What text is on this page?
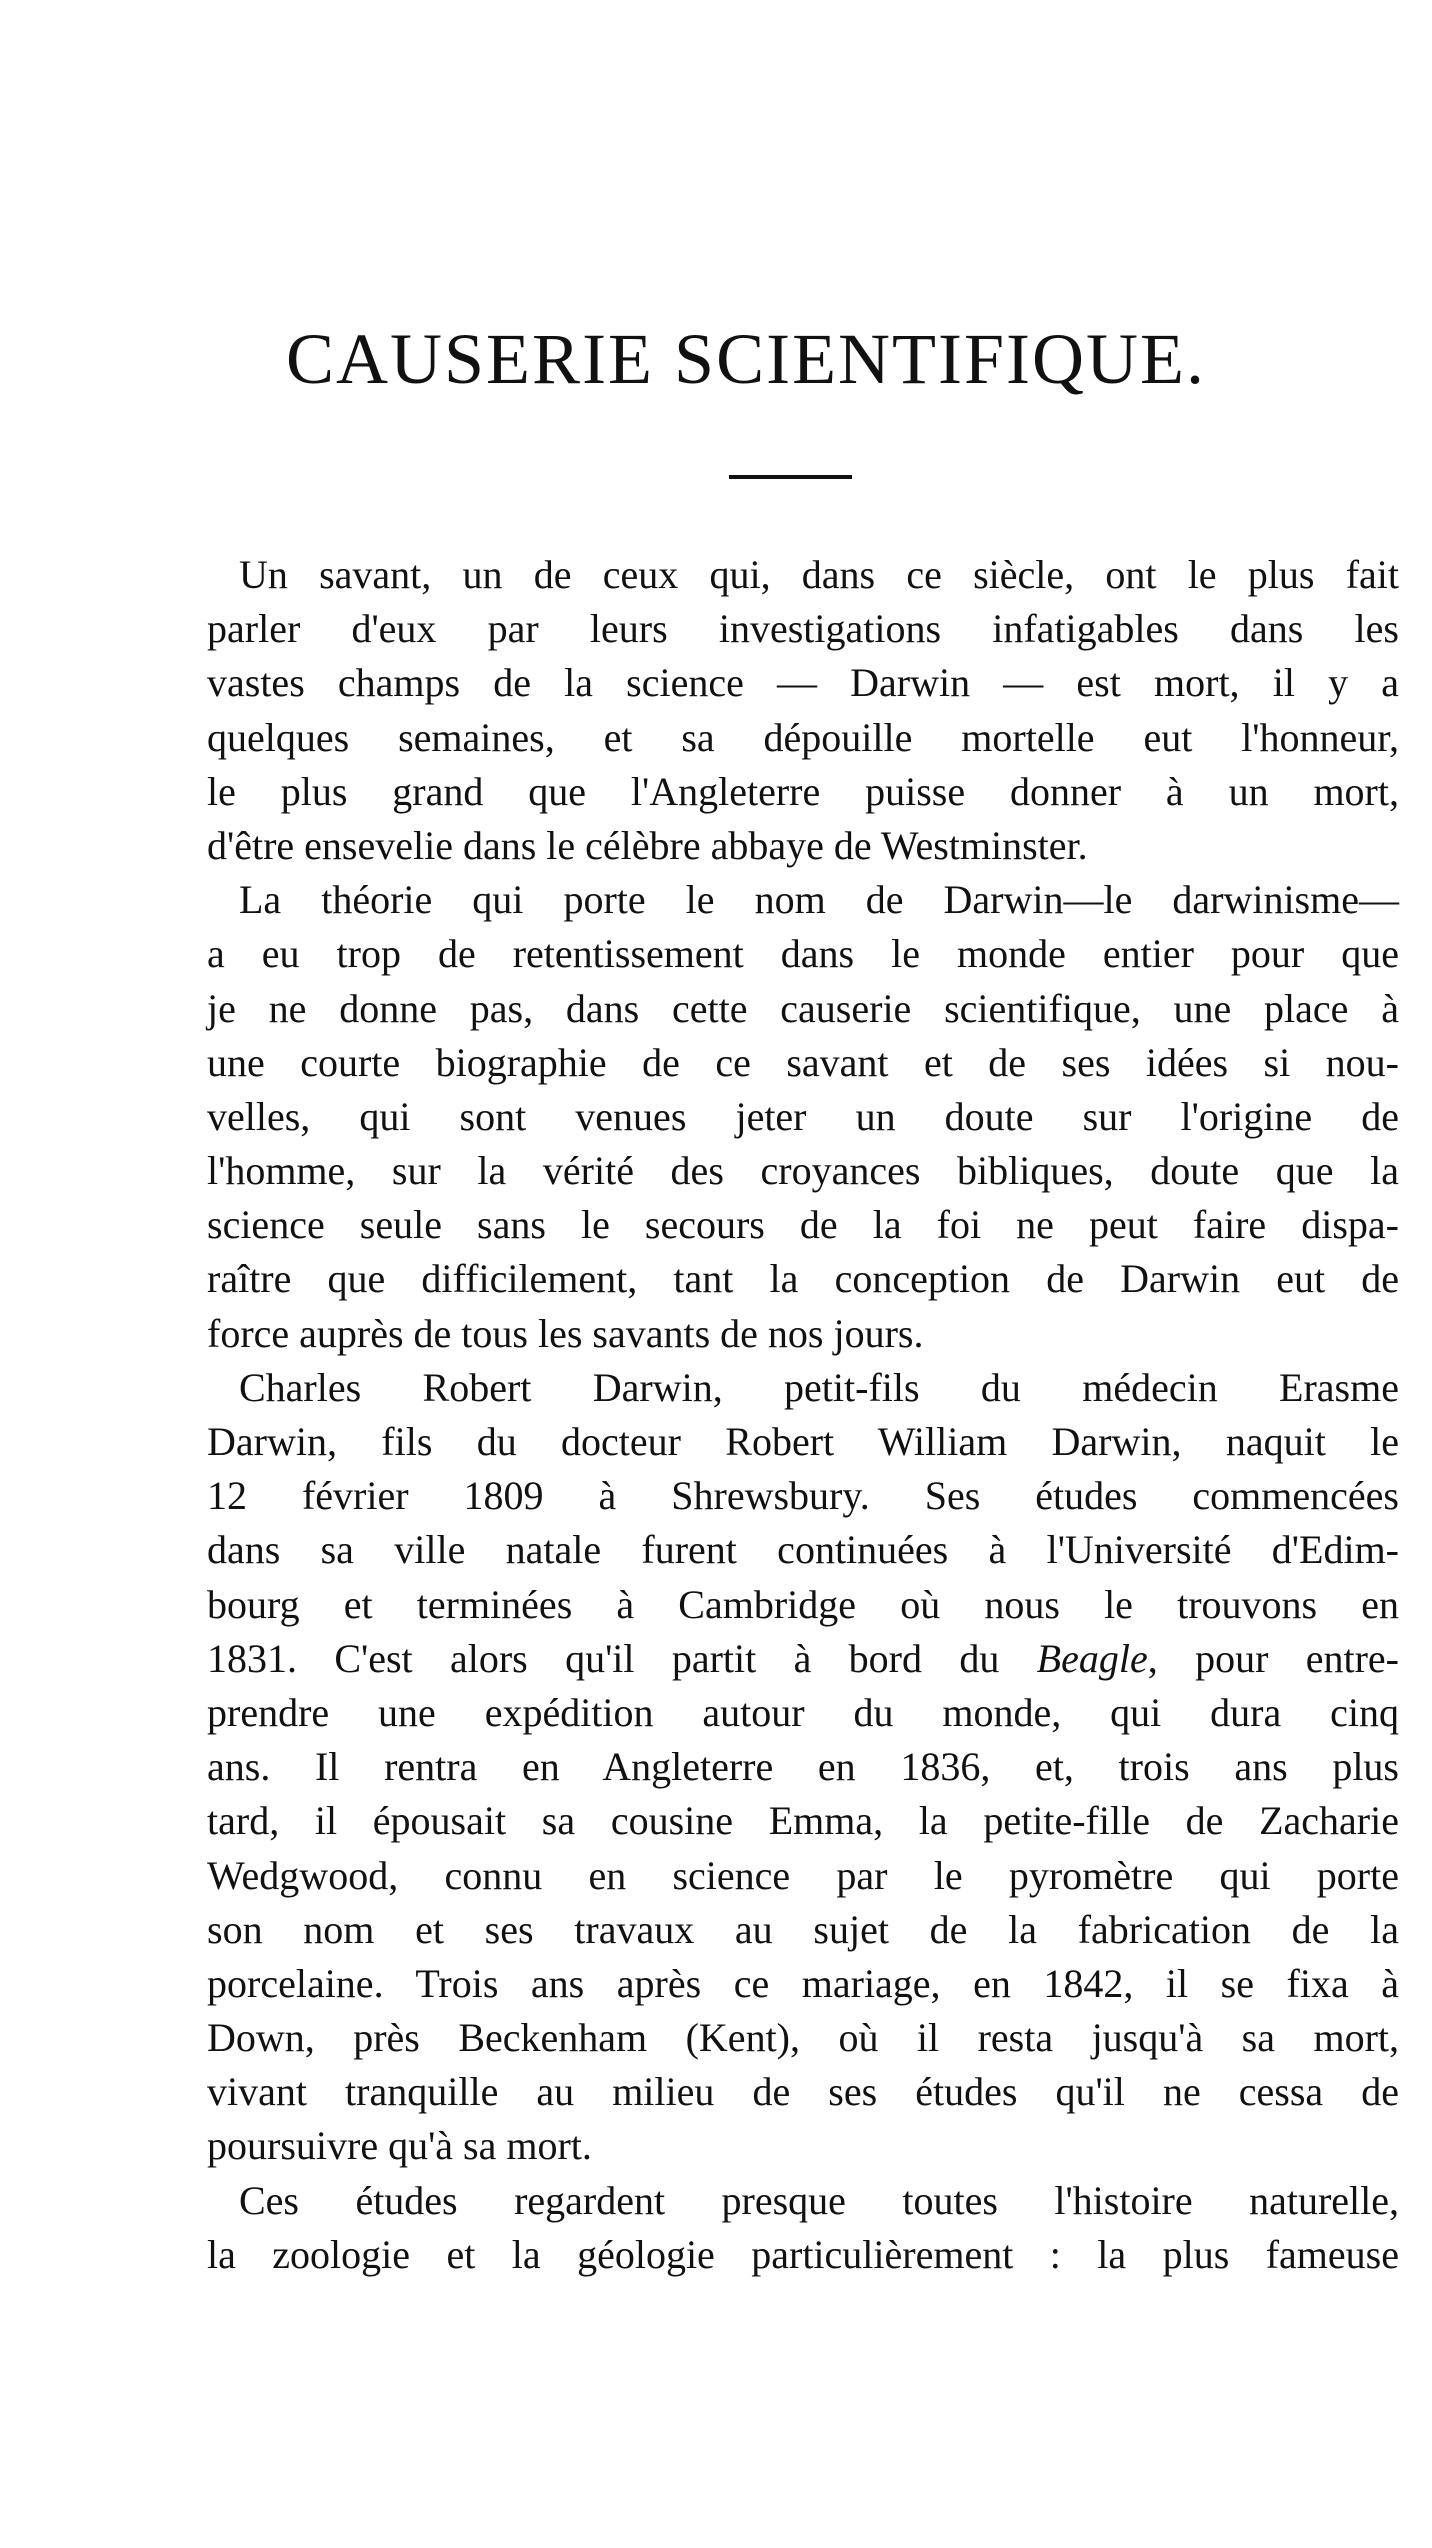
CAUSERIE SCIENTIFIQUE.
Un savant, un de ceux qui, dans ce siècle, ont le plus fait
parler d'eux par leurs investigations infatigables dans les
vastes champs de la science — Darwin — est mort, il y a
quelques semaines, et sa dépouille mortelle eut l'honneur,
le plus grand que l'Angleterre puisse donner à un mort,
d'être ensevelie dans le célèbre abbaye de Westminster.
La théorie qui porte le nom de Darwin—le darwinisme—
a eu trop de retentissement dans le monde entier pour que
je ne donne pas, dans cette causerie scientifique, une place à
une courte biographie de ce savant et de ses idées si nou-
velles, qui sont venues jeter un doute sur l'origine de
l'homme, sur la vérité des croyances bibliques, doute que la
science seule sans le secours de la foi ne peut faire dispa-
raître que difficilement, tant la conception de Darwin eut de
force auprès de tous les savants de nos jours.
Charles Robert Darwin, petit-fils du médecin Erasme
Darwin, fils du docteur Robert William Darwin, naquit le
12 février 1809 à Shrewsbury. Ses études commencées
dans sa ville natale furent continuées à l'Université d'Edim-
bourg et terminées à Cambridge où nous le trouvons en
1831. C'est alors qu'il partit à bord du Beagle, pour entre-
prendre une expédition autour du monde, qui dura cinq
ans. Il rentra en Angleterre en 1836, et, trois ans plus
tard, il épousait sa cousine Emma, la petite-fille de Zacharie
Wedgwood, connu en science par le pyromètre qui porte
son nom et ses travaux au sujet de la fabrication de la
porcelaine. Trois ans après ce mariage, en 1842, il se fixa à
Down, près Beckenham (Kent), où il resta jusqu'à sa mort,
vivant tranquille au milieu de ses études qu'il ne cessa de
poursuivre qu'à sa mort.
Ces études regardent presque toutes l'histoire naturelle,
la zoologie et la géologie particulièrement : la plus fameuse
